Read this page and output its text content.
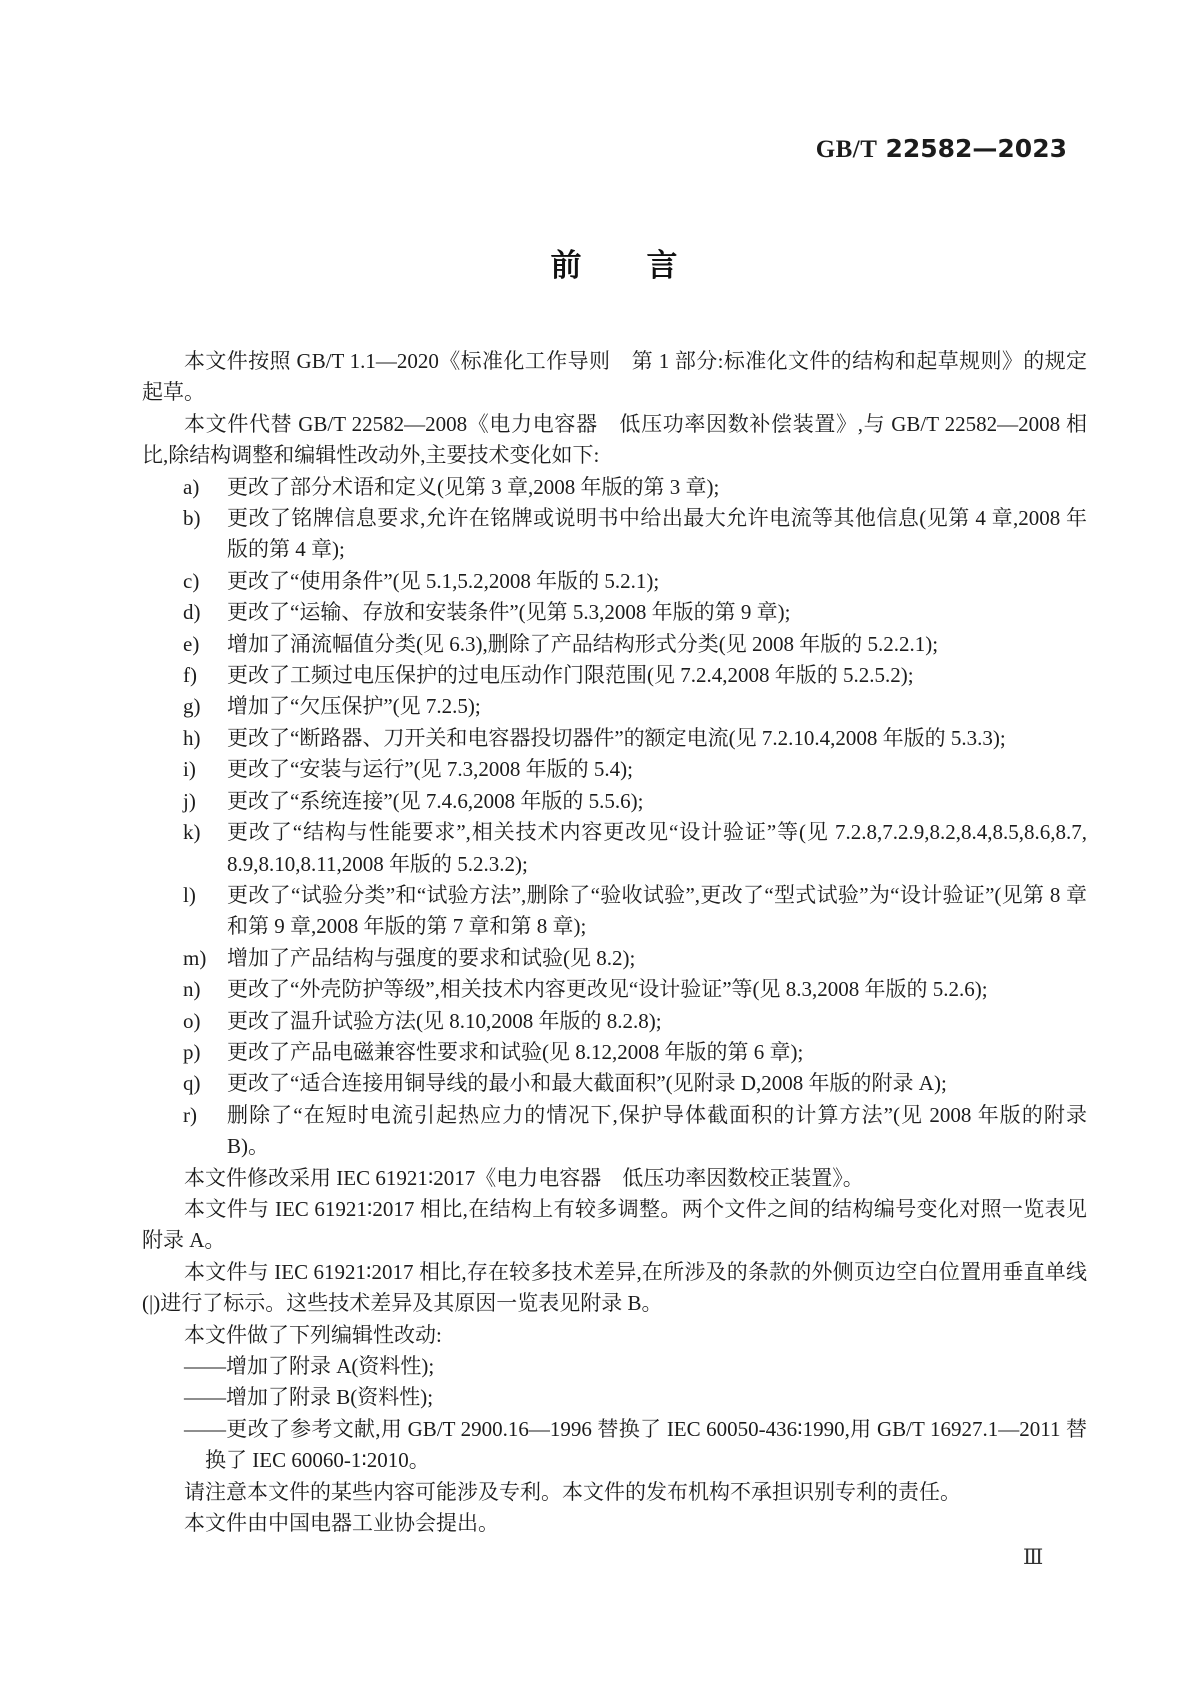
GB/T 22582—2023
前　　言

本文件按照 GB/T 1.1—2020《标准化工作导则　第 1 部分:标准化文件的结构和起草规则》的规定起草。

本文件代替 GB/T 22582—2008《电力电容器　低压功率因数补偿装置》,与 GB/T 22582—2008 相比,除结构调整和编辑性改动外,主要技术变化如下:

a)	更改了部分术语和定义(见第 3 章,2008 年版的第 3 章);
b)	更改了铭牌信息要求,允许在铭牌或说明书中给出最大允许电流等其他信息(见第 4 章,2008 年版的第 4 章);
c)	更改了“使用条件”(见 5.1,5.2,2008 年版的 5.2.1);
d)	更改了“运输、存放和安装条件”(见第 5.3,2008 年版的第 9 章);
e)	增加了涌流幅值分类(见 6.3),删除了产品结构形式分类(见 2008 年版的 5.2.2.1);
f)	更改了工频过电压保护的过电压动作门限范围(见 7.2.4,2008 年版的 5.2.5.2);
g)	增加了“欠压保护”(见 7.2.5);
h)	更改了“断路器、刀开关和电容器投切器件”的额定电流(见 7.2.10.4,2008 年版的 5.3.3);
i)	更改了“安装与运行”(见 7.3,2008 年版的 5.4);
j)	更改了“系统连接”(见 7.4.6,2008 年版的 5.5.6);
k)	更改了“结构与性能要求”,相关技术内容更改见“设计验证”等(见 7.2.8,7.2.9,8.2,8.4,8.5,8.6,8.7, 8.9,8.10,8.11,2008 年版的 5.2.3.2);
l)	更改了“试验分类”和“试验方法”,删除了“验收试验”,更改了“型式试验”为“设计验证”(见第 8 章和第 9 章,2008 年版的第 7 章和第 8 章);
m) 增加了产品结构与强度的要求和试验(见 8.2);
n)	更改了“外壳防护等级”,相关技术内容更改见“设计验证”等(见 8.3,2008 年版的 5.2.6);
o)	更改了温升试验方法(见 8.10,2008 年版的 8.2.8);
p)	更改了产品电磁兼容性要求和试验(见 8.12,2008 年版的第 6 章);
q)	更改了“适合连接用铜导线的最小和最大截面积”(见附录 D,2008 年版的附录 A);
r)	删除了“在短时电流引起热应力的情况下,保护导体截面积的计算方法”(见 2008 年版的附录 B)。

本文件修改采用 IEC 61921∶2017《电力电容器　低压功率因数校正装置》。

本文件与 IEC 61921∶2017 相比,在结构上有较多调整。两个文件之间的结构编号变化对照一览表见附录 A。

本文件与 IEC 61921∶2017 相比,存在较多技术差异,在所涉及的条款的外侧页边空白位置用垂直单线(|)进行了标示。这些技术差异及其原因一览表见附录 B。

本文件做了下列编辑性改动:

——增加了附录 A(资料性);

——增加了附录 B(资料性);

——更改了参考文献,用 GB/T 2900.16—1996 替换了 IEC 60050-436∶1990,用 GB/T 16927.1—2011 替换了 IEC 60060-1∶2010。

请注意本文件的某些内容可能涉及专利。本文件的发布机构不承担识别专利的责任。

本文件由中国电器工业协会提出。

Ⅲ
